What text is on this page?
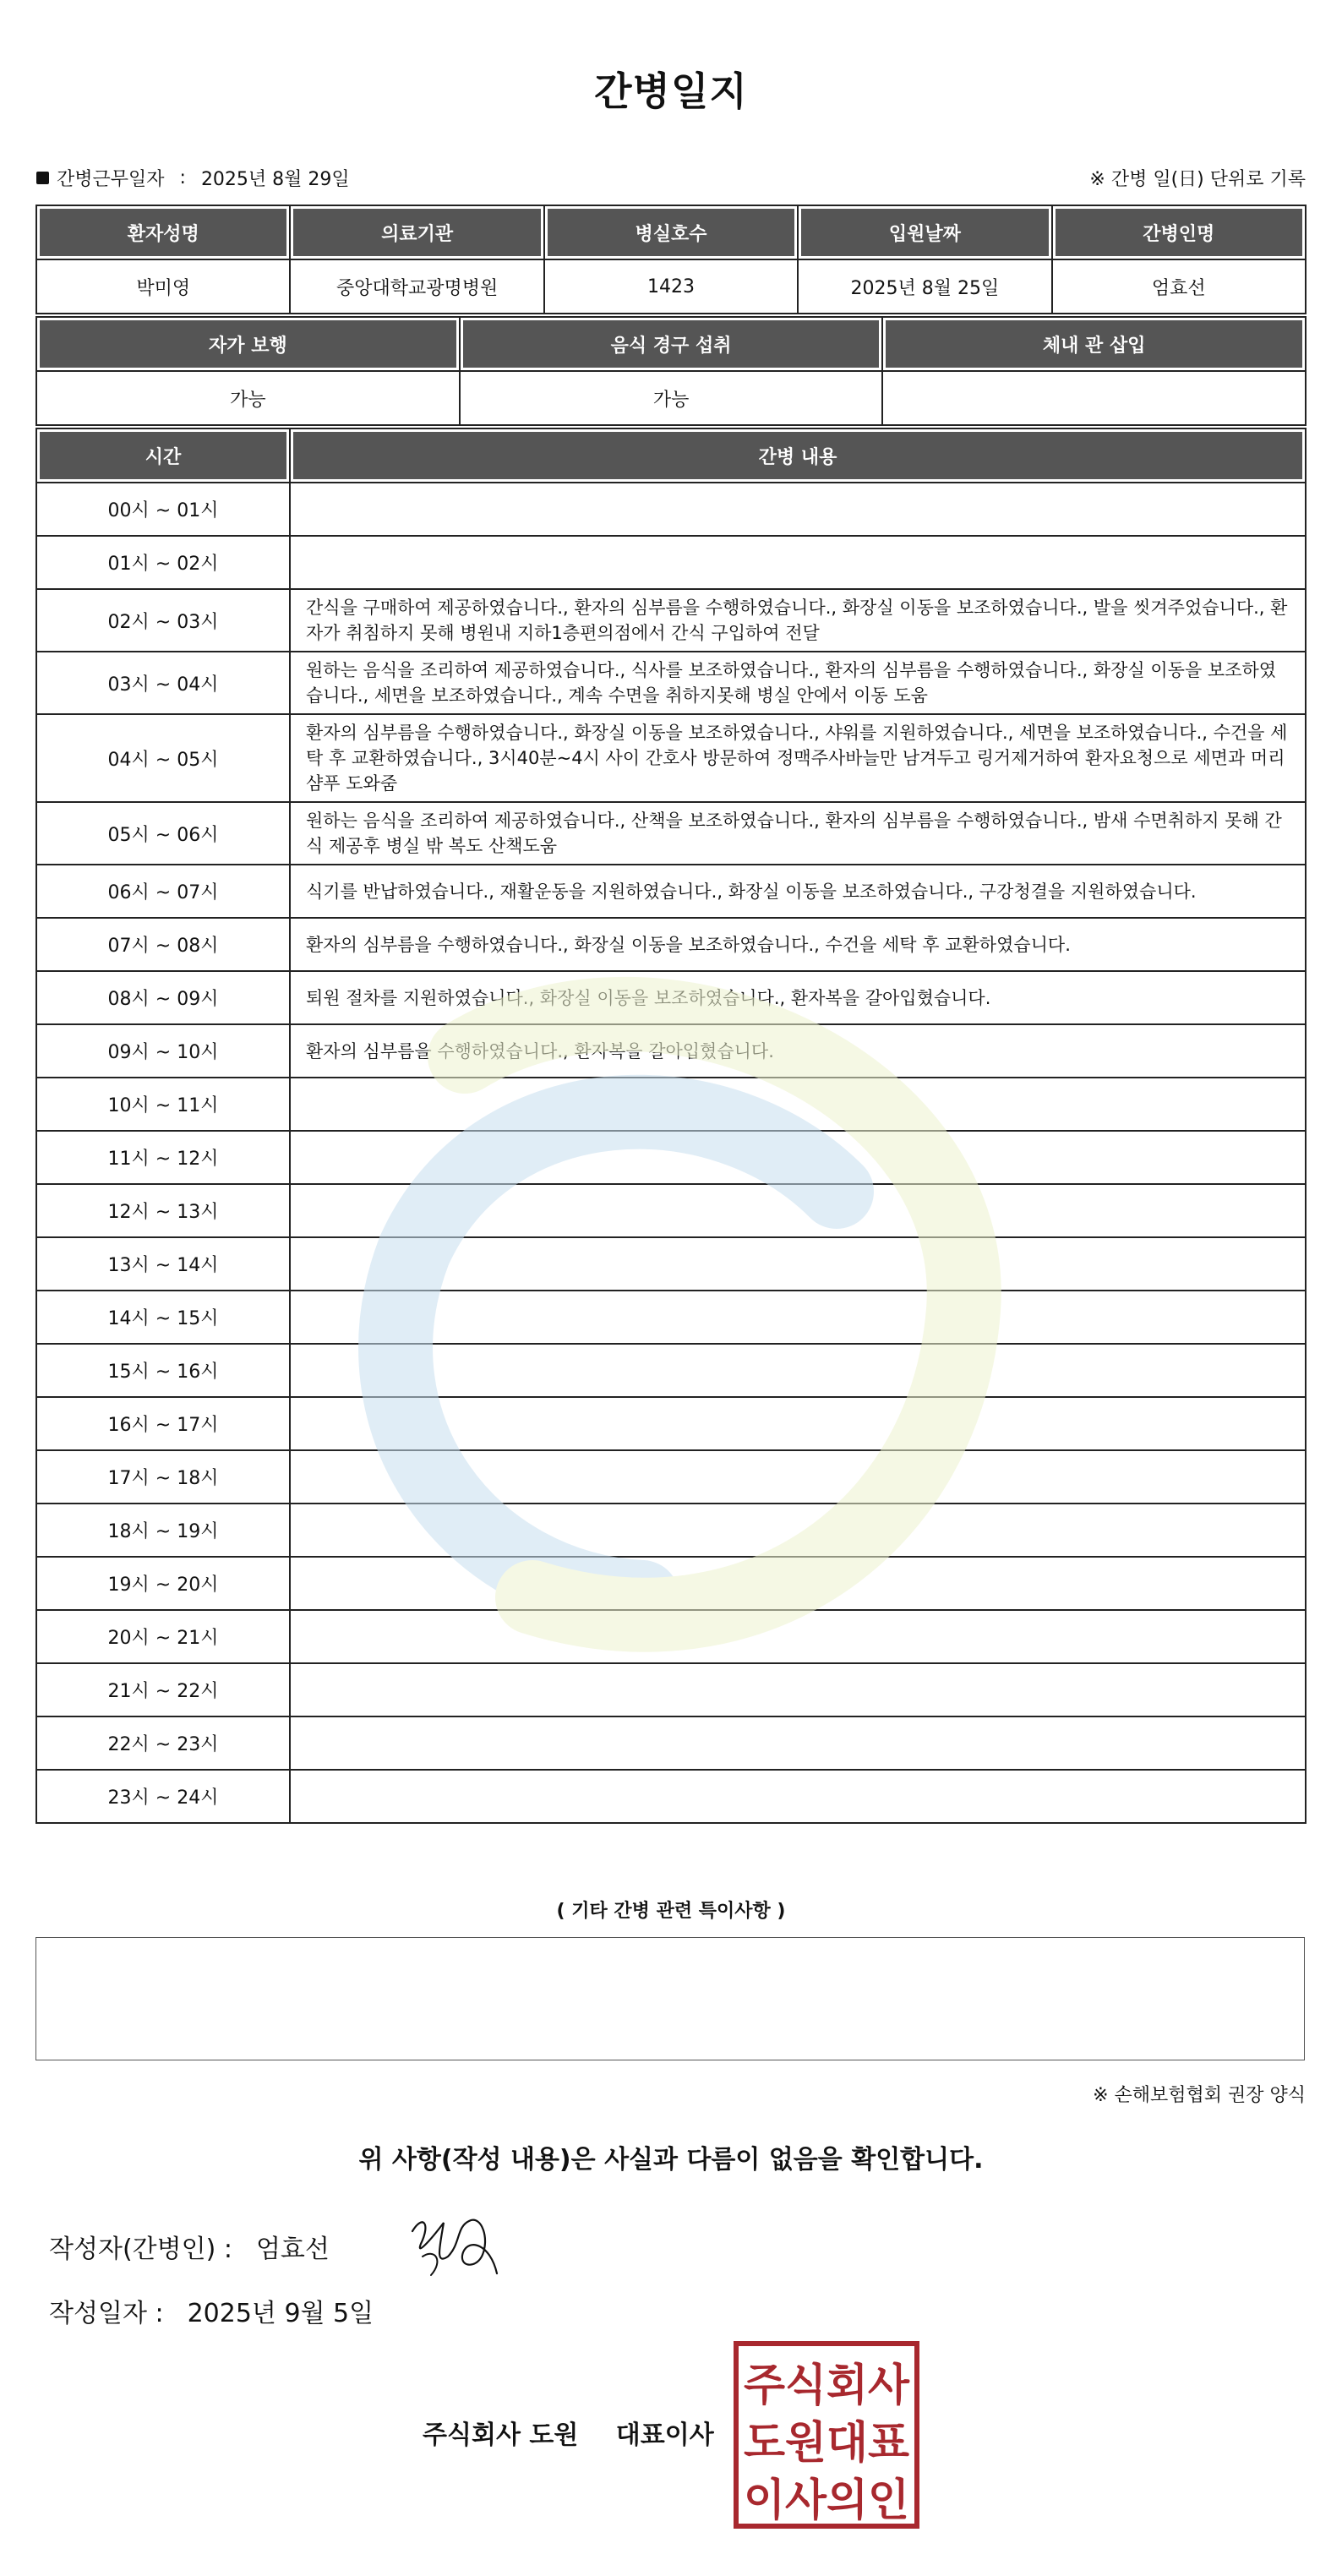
간병일지
간병근무일자 : 2025년 8월 29일	※ 간병 일(日) 단위로 기록
환자성명	의료기관	병실호수	입원날짜	간병인명
박미영	중앙대학교광명병원	1423	2025년 8월 25일	엄효선
자가 보행	음식 경구 섭취	체내 관 삽입
가능	가능	
시간	간병 내용
00시 ~ 01시	
01시 ~ 02시	
02시 ~ 03시	간식을 구매하여 제공하였습니다., 환자의 심부름을 수행하였습니다., 화장실 이동을 보조하였습니다., 발을 씻겨주었습니다., 환자가 취침하지 못해 병원내 지하1층편의점에서 간식 구입하여 전달
03시 ~ 04시	원하는 음식을 조리하여 제공하였습니다., 식사를 보조하였습니다., 환자의 심부름을 수행하였습니다., 화장실 이동을 보조하였습니다., 세면을 보조하였습니다., 계속 수면을 취하지못해 병실 안에서 이동 도움
04시 ~ 05시	환자의 심부름을 수행하였습니다., 화장실 이동을 보조하였습니다., 샤워를 지원하였습니다., 세면을 보조하였습니다., 수건을 세탁 후 교환하였습니다., 3시40분~4시 사이 간호사 방문하여 정맥주사바늘만 남겨두고 링거제거하여 환자요청으로 세면과 머리샴푸 도와줌
05시 ~ 06시	원하는 음식을 조리하여 제공하였습니다., 산책을 보조하였습니다., 환자의 심부름을 수행하였습니다., 밤새 수면취하지 못해 간식 제공후 병실 밖 복도 산책도움
06시 ~ 07시	식기를 반납하였습니다., 재활운동을 지원하였습니다., 화장실 이동을 보조하였습니다., 구강청결을 지원하였습니다.
07시 ~ 08시	환자의 심부름을 수행하였습니다., 화장실 이동을 보조하였습니다., 수건을 세탁 후 교환하였습니다.
08시 ~ 09시	퇴원 절차를 지원하였습니다., 화장실 이동을 보조하였습니다., 환자복을 갈아입혔습니다.
09시 ~ 10시	환자의 심부름을 수행하였습니다., 환자복을 갈아입혔습니다.
10시 ~ 11시	
11시 ~ 12시	
12시 ~ 13시	
13시 ~ 14시	
14시 ~ 15시	
15시 ~ 16시	
16시 ~ 17시	
17시 ~ 18시	
18시 ~ 19시	
19시 ~ 20시	
20시 ~ 21시	
21시 ~ 22시	
22시 ~ 23시	
23시 ~ 24시	
( 기타 간병 관련 특이사항 )
※ 손해보험협회 권장 양식
위 사항(작성 내용)은 사실과 다름이 없음을 확인합니다.
작성자(간병인) : 엄효선
작성일자 : 2025년 9월 5일
주식회사 도원 대표이사
주식회사
도원대표
이사의인
